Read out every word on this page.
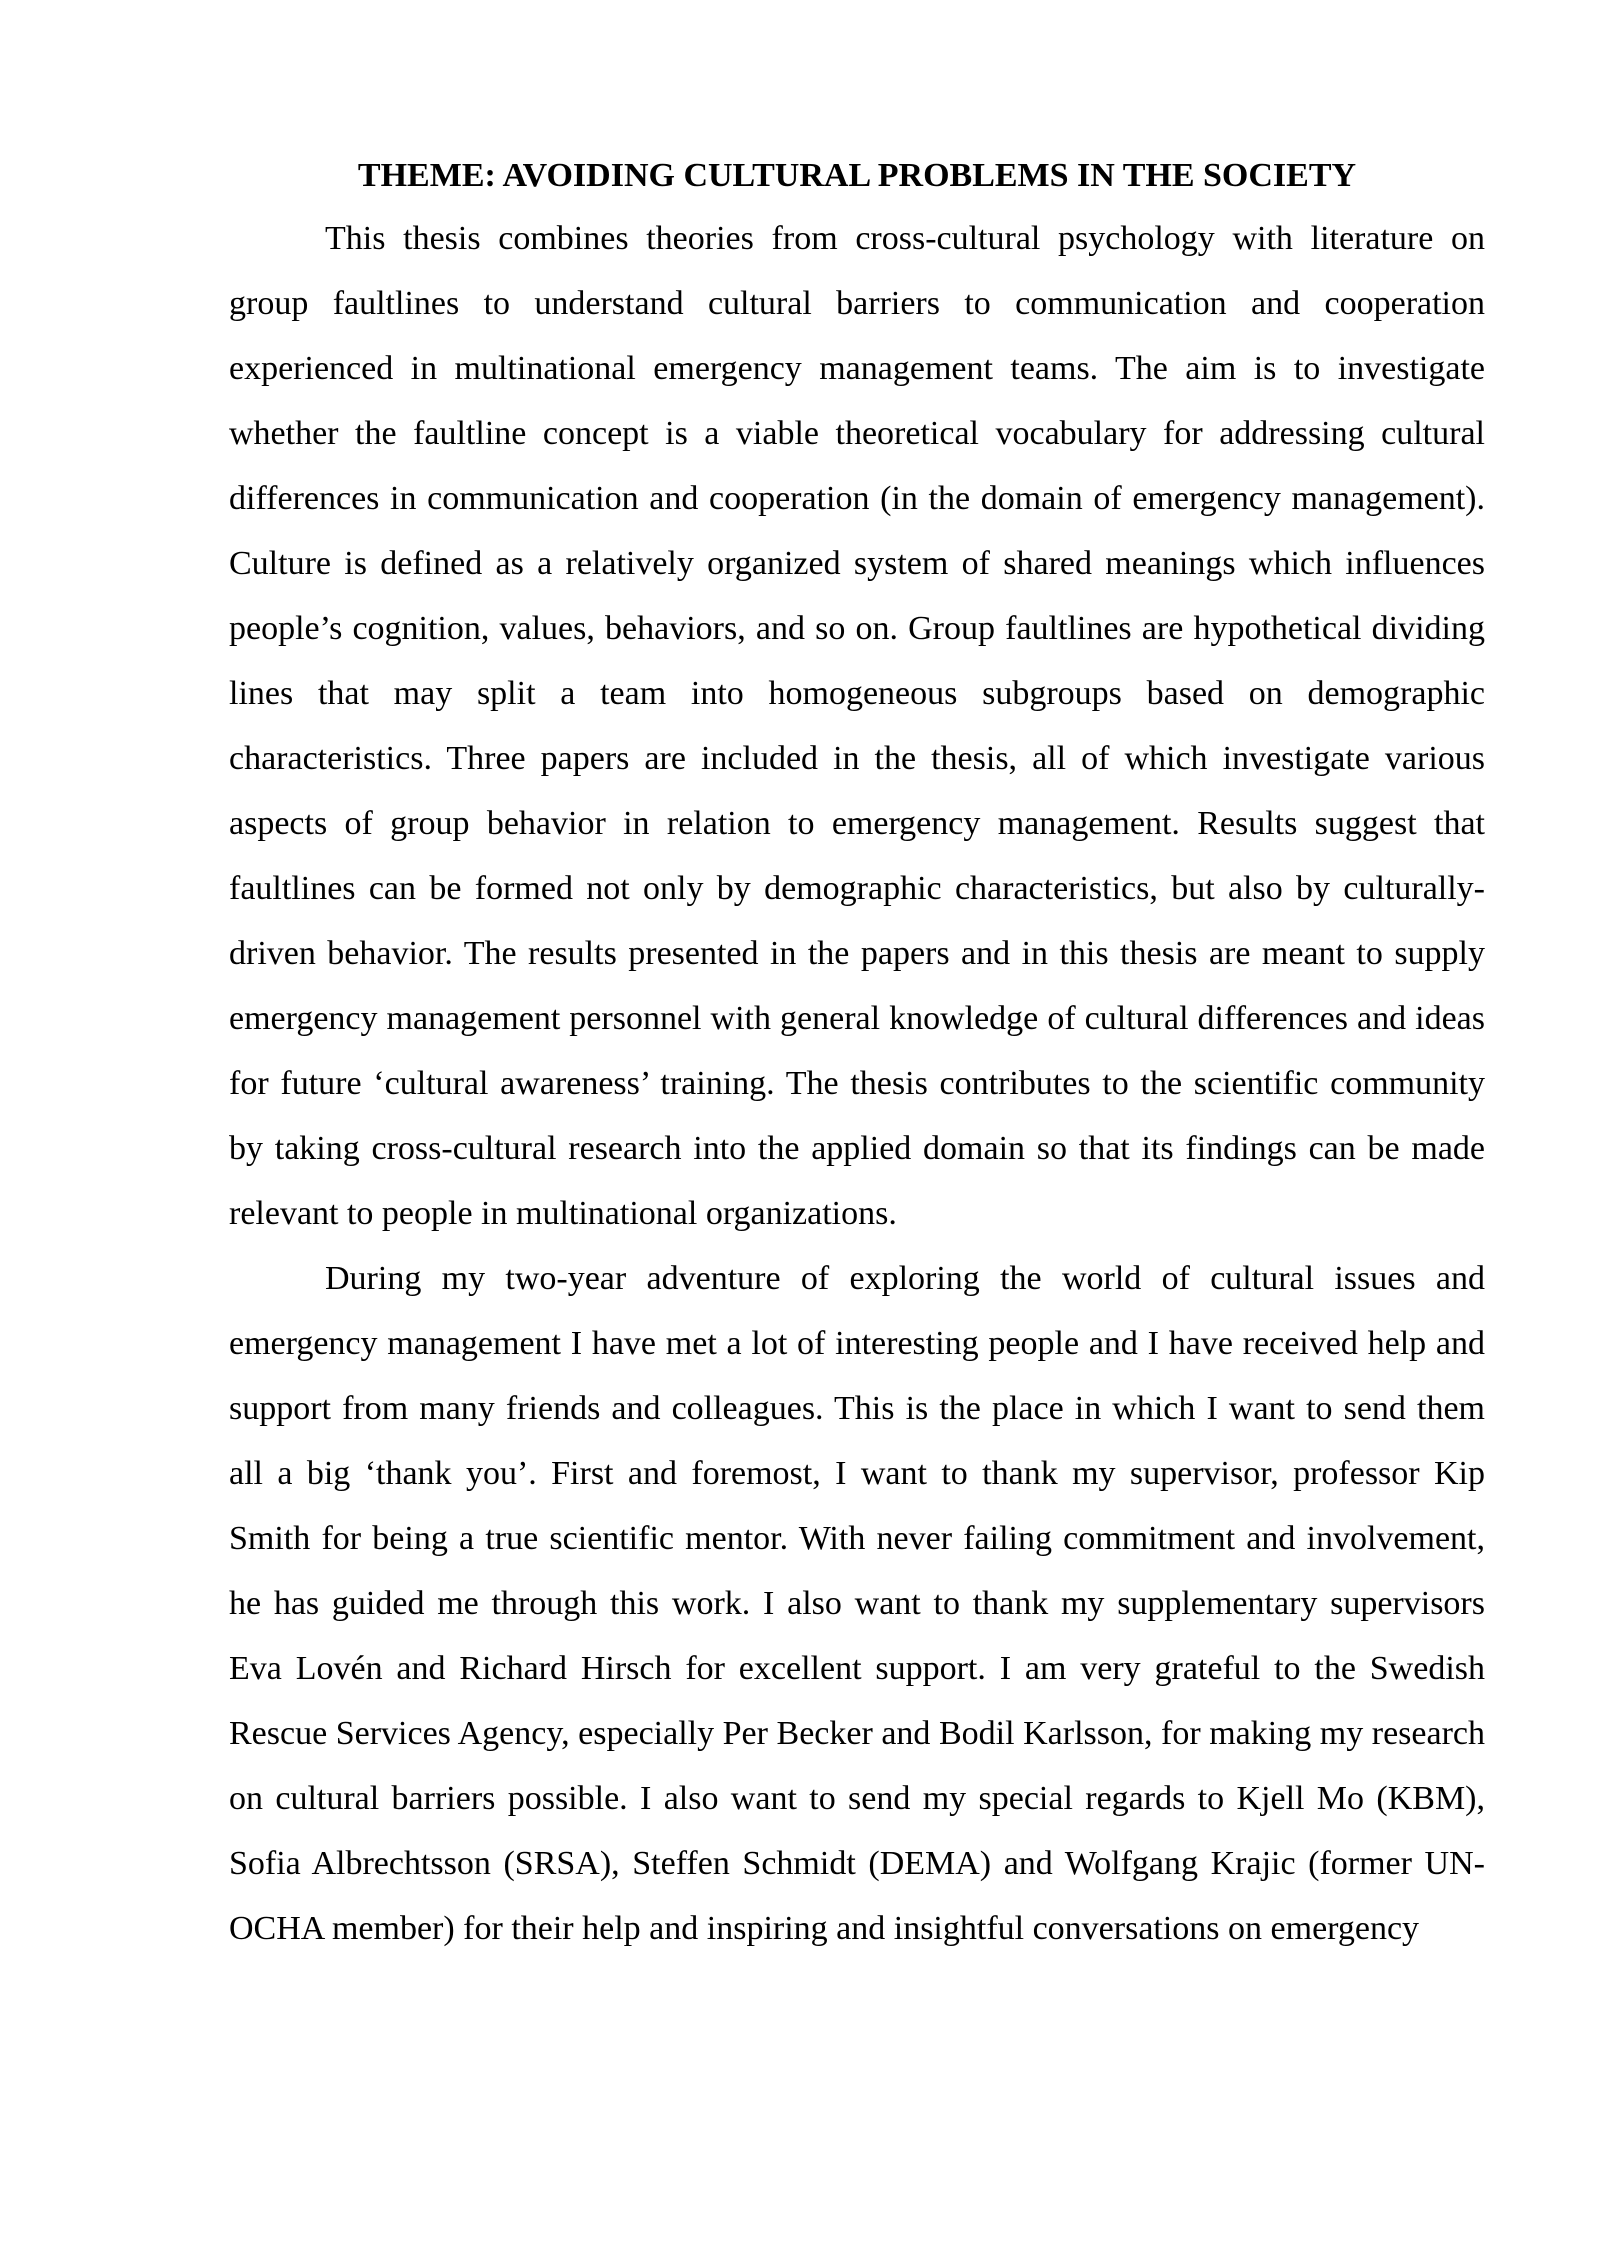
THEME: AVOIDING CULTURAL PROBLEMS IN THE SOCIETY

This thesis combines theories from cross-cultural psychology with literature on group faultlines to understand cultural barriers to communication and cooperation experienced in multinational emergency management teams. The aim is to investigate whether the faultline concept is a viable theoretical vocabulary for addressing cultural differences in communication and cooperation (in the domain of emergency management). Culture is defined as a relatively organized system of shared meanings which influences people’s cognition, values, behaviors, and so on. Group faultlines are hypothetical dividing lines that may split a team into homogeneous subgroups based on demographic characteristics. Three papers are included in the thesis, all of which investigate various aspects of group behavior in relation to emergency management. Results suggest that faultlines can be formed not only by demographic characteristics, but also by culturally-driven behavior. The results presented in the papers and in this thesis are meant to supply emergency management personnel with general knowledge of cultural differences and ideas for future ‘cultural awareness’ training. The thesis contributes to the scientific community by taking cross-cultural research into the applied domain so that its findings can be made relevant to people in multinational organizations.

During my two-year adventure of exploring the world of cultural issues and emergency management I have met a lot of interesting people and I have received help and support from many friends and colleagues. This is the place in which I want to send them all a big ‘thank you’. First and foremost, I want to thank my supervisor, professor Kip Smith for being a true scientific mentor. With never failing commitment and involvement, he has guided me through this work. I also want to thank my supplementary supervisors Eva Lovén and Richard Hirsch for excellent support. I am very grateful to the Swedish Rescue Services Agency, especially Per Becker and Bodil Karlsson, for making my research on cultural barriers possible. I also want to send my special regards to Kjell Mo (KBM), Sofia Albrechtsson (SRSA), Steffen Schmidt (DEMA) and Wolfgang Krajic (former UN-OCHA member) for their help and inspiring and insightful conversations on emergency
